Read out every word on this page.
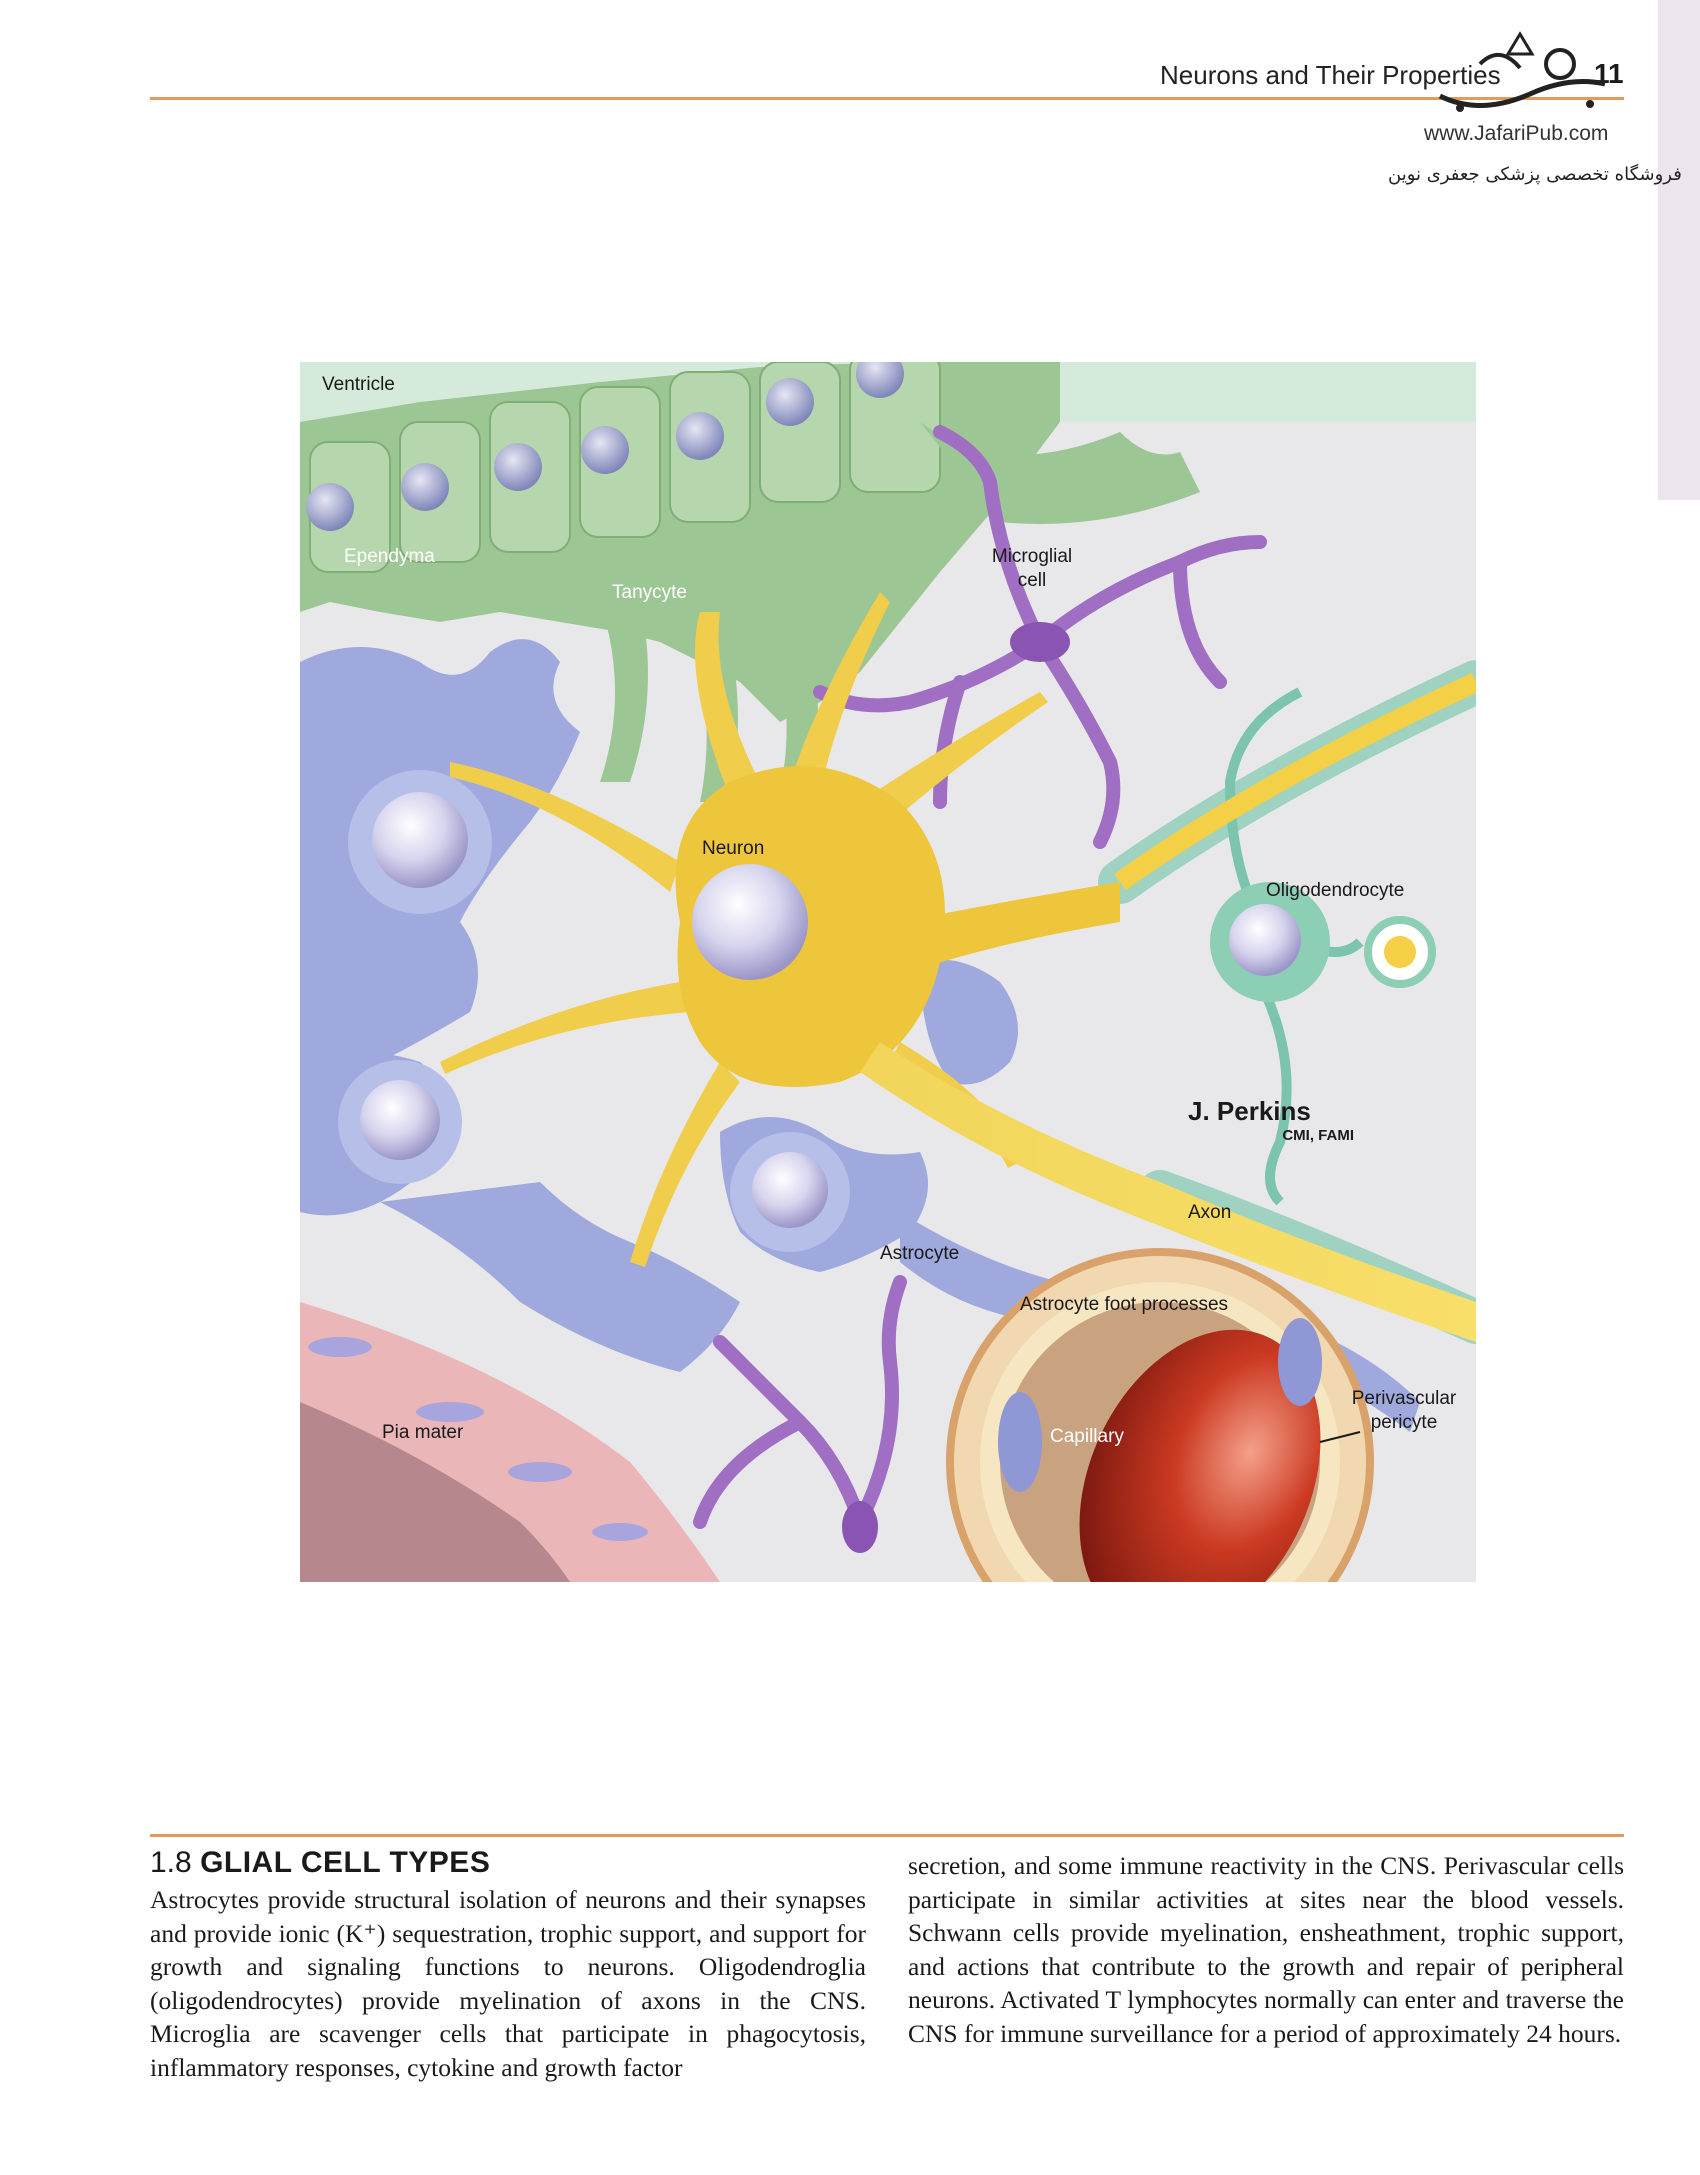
Neurons and Their Properties	11
بجف
www.JafariPub.com
فروشگاه تخصصی پزشکی جعفری نوین
Ventricle
Ependyma
Tanycyte
Microglial
cell
Neuron
Oligodendrocyte
J. Perkins
CMI, FAMI
Axon
Astrocyte
Astrocyte foot processes
Pia mater	Capillary
Perivascular
pericyte
1.8 GLIAL CELL TYPES

Astrocytes provide structural isolation of neurons and their synapses and provide ionic (K⁺) sequestration, trophic support, and support for growth and signaling functions to neurons. Oligodendroglia (oligodendrocytes) provide myelination of axons in the CNS. Microglia are scavenger cells that participate in phagocytosis, inflammatory responses, cytokine and growth factor

secretion, and some immune reactivity in the CNS. Perivascular cells participate in similar activities at sites near the blood vessels. Schwann cells provide myelination, ensheathment, trophic support, and actions that contribute to the growth and repair of peripheral neurons. Activated T lymphocytes normally can enter and traverse the CNS for immune surveillance for a period of approximately 24 hours.
